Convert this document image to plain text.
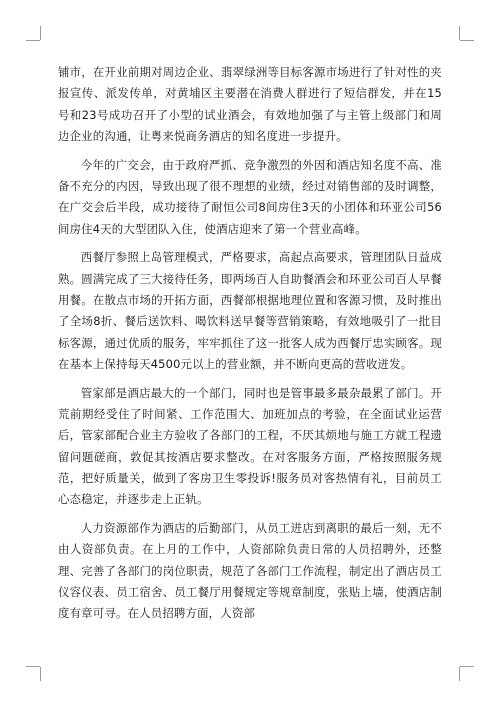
铺市，在开业前期对周边企业、翡翠绿洲等目标客源市场进行了针对性的夹报宣传、派发传单，对黄埔区主要潜在消费人群进行了短信群发，并在15号和23号成功召开了小型的试业酒会，有效地加强了与主管上级部门和周边企业的沟通，让粤来悦商务酒店的知名度进一步提升。

今年的广交会，由于政府严抓、竞争激烈的外因和酒店知名度不高、准备不充分的内因，导致出现了很不理想的业绩，经过对销售部的及时调整，在广交会后半段，成功接待了耐恒公司8间房住3天的小团体和环亚公司56间房住4天的大型团队入住，使酒店迎来了第一个营业高峰。

西餐厅参照上岛管理模式，严格要求，高起点高要求，管理团队日益成熟。圆满完成了三大接待任务，即两场百人自助餐酒会和环亚公司百人早餐用餐。在散点市场的开拓方面，西餐部根据地理位置和客源习惯，及时推出了全场8折、餐后送饮料、喝饮料送早餐等营销策略，有效地吸引了一批目标客源，通过优质的服务，牢牢抓住了这一批客人成为西餐厅忠实顾客。现在基本上保持每天4500元以上的营业额，并不断向更高的营收迸发。

管家部是酒店最大的一个部门，同时也是管事最多最杂最累了部门。开荒前期经受住了时间紧、工作范围大、加班加点的考验，在全面试业运营后，管家部配合业主方验收了各部门的工程，不厌其烦地与施工方就工程遗留问题磋商，敦促其按酒店要求整改。在对客服务方面，严格按照服务规范，把好质量关，做到了客房卫生零投诉!服务员对客热情有礼，目前员工心态稳定，并逐步走上正轨。

人力资源部作为酒店的后勤部门，从员工进店到离职的最后一刻，无不由人资部负责。在上月的工作中，人资部除负责日常的人员招聘外，还整理、完善了各部门的岗位职责，规范了各部门工作流程，制定出了酒店员工仪容仪表、员工宿舍、员工餐厅用餐规定等规章制度，张贴上墙，使酒店制度有章可寻。在人员招聘方面，人资部
